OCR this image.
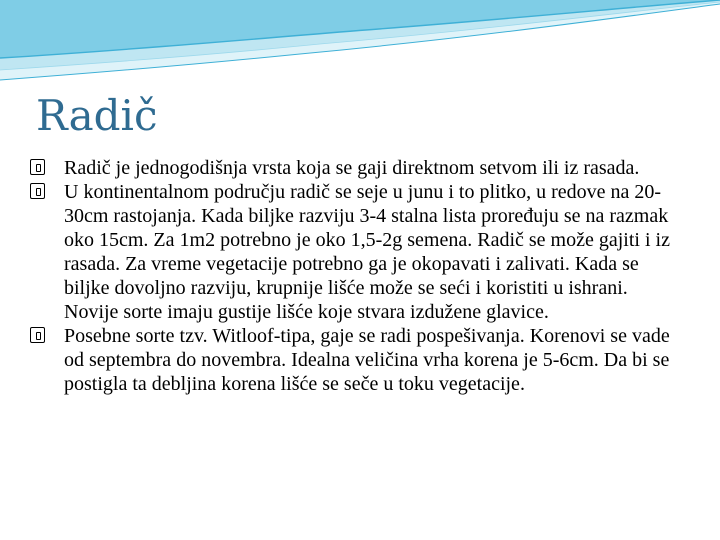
Radič

Radič je jednogodišnja vrsta koja se gaji direktnom setvom ili iz rasada.

U kontinentalnom području radič se seje u junu i to plitko, u redove na 20-30cm rastojanja. Kada biljke razviju 3-4 stalna lista proređuju se na razmak oko 15cm. Za 1m2 potrebno je oko 1,5-2g semena. Radič se može gajiti i iz rasada. Za vreme vegetacije potrebno ga je okopavati i zalivati. Kada se biljke dovoljno razviju, krupnije lišće može se seći i koristiti u ishrani. Novije sorte imaju gustije lišće koje stvara izdužene glavice.

Posebne sorte tzv. Witloof-tipa, gaje se radi pospešivanja. Korenovi se vade od septembra do novembra. Idealna veličina vrha korena je 5-6cm. Da bi se postigla ta debljina korena lišće se seče u toku vegetacije.
